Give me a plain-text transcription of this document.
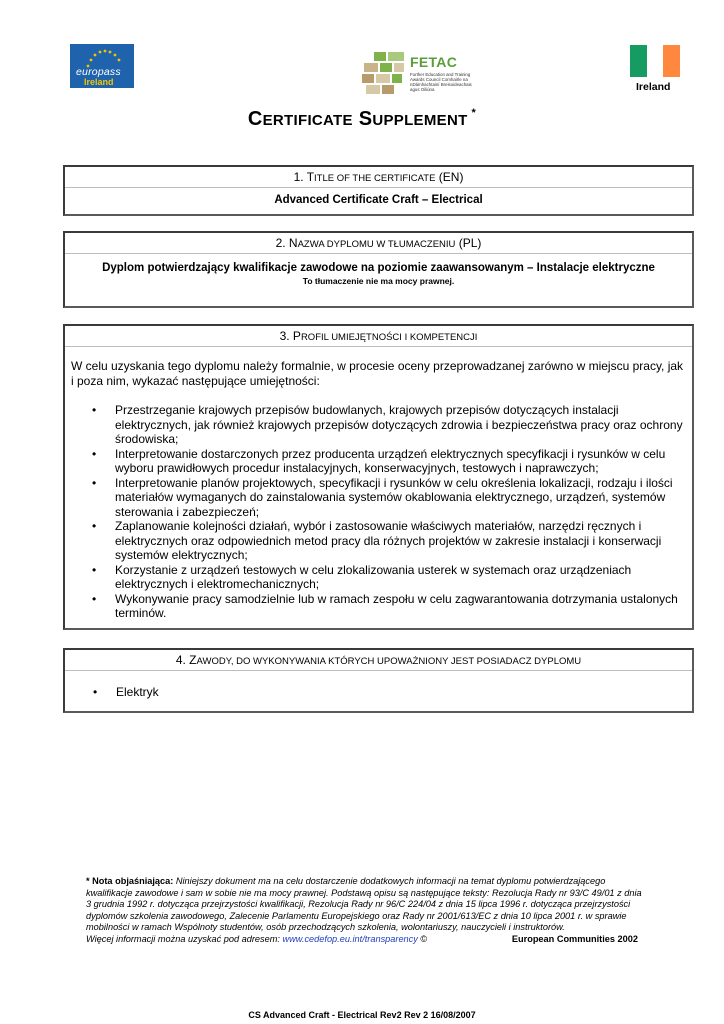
europass
Ireland
FETAC
Further Education and Training Awards Council Comhairle na nDámhachtainí Breisoideachais agus Oiliúna	Ireland
CERTIFICATE SUPPLEMENT *
1. TITLE OF THE CERTIFICATE (EN)
Advanced Certificate Craft – Electrical
2. NAZWA DYPLOMU W TŁUMACZENIU (PL)
Dyplom potwierdzający kwalifikacje zawodowe na poziomie zaawansowanym – Instalacje elektryczne
To tłumaczenie nie ma mocy prawnej.
3. PROFIL UMIEJĘTNOŚCI I KOMPETENCJI

W celu uzyskania tego dyplomu należy formalnie, w procesie oceny przeprowadzanej zarówno w miejscu pracy, jak i poza nim, wykazać następujące umiejętności:

• Przestrzeganie krajowych przepisów budowlanych, krajowych przepisów dotyczących instalacji elektrycznych, jak również krajowych przepisów dotyczących zdrowia i bezpieczeństwa pracy oraz ochrony środowiska;
• Interpretowanie dostarczonych przez producenta urządzeń elektrycznych specyfikacji i rysunków w celu wyboru prawidłowych procedur instalacyjnych, konserwacyjnych, testowych i naprawczych;
• Interpretowanie planów projektowych, specyfikacji i rysunków w celu określenia lokalizacji, rodzaju i ilości materiałów wymaganych do zainstalowania systemów okablowania elektrycznego, urządzeń, systemów sterowania i zabezpieczeń;
• Zaplanowanie kolejności działań, wybór i zastosowanie właściwych materiałów, narzędzi ręcznych i elektrycznych oraz odpowiednich metod pracy dla różnych projektów w zakresie instalacji i konserwacji systemów elektrycznych;
• Korzystanie z urządzeń testowych w celu zlokalizowania usterek w systemach oraz urządzeniach elektrycznych i elektromechanicznych;
• Wykonywanie pracy samodzielnie lub w ramach zespołu w celu zagwarantowania dotrzymania ustalonych terminów.
4. ZAWODY, DO WYKONYWANIA KTÓRYCH UPOWAŻNIONY JEST POSIADACZ DYPLOMU
• Elektryk
* Nota objaśniająca: Niniejszy dokument ma na celu dostarczenie dodatkowych informacji na temat dyplomu potwierdzającego kwalifikacje zawodowe i sam w sobie nie ma mocy prawnej. Podstawą opisu są następujące teksty: Rezolucja Rady nr 93/C 49/01 z dnia 3 grudnia 1992 r. dotycząca przejrzystości kwalifikacji, Rezolucja Rady nr 96/C 224/04 z dnia 15 lipca 1996 r. dotycząca przejrzystości dyplomów szkolenia zawodowego, Zalecenie Parlamentu Europejskiego oraz Rady nr 2001/613/EC z dnia 10 lipca 2001 r. w sprawie mobilności w ramach Wspólnoty studentów, osób przechodzących szkolenia, wolontariuszy, nauczycieli i instruktorów.
Więcej informacji można uzyskać pod adresem: www.cedefop.eu.int/transparency ©	European Communities 2002
CS Advanced Craft - Electrical Rev2 Rev 2 16/08/2007
